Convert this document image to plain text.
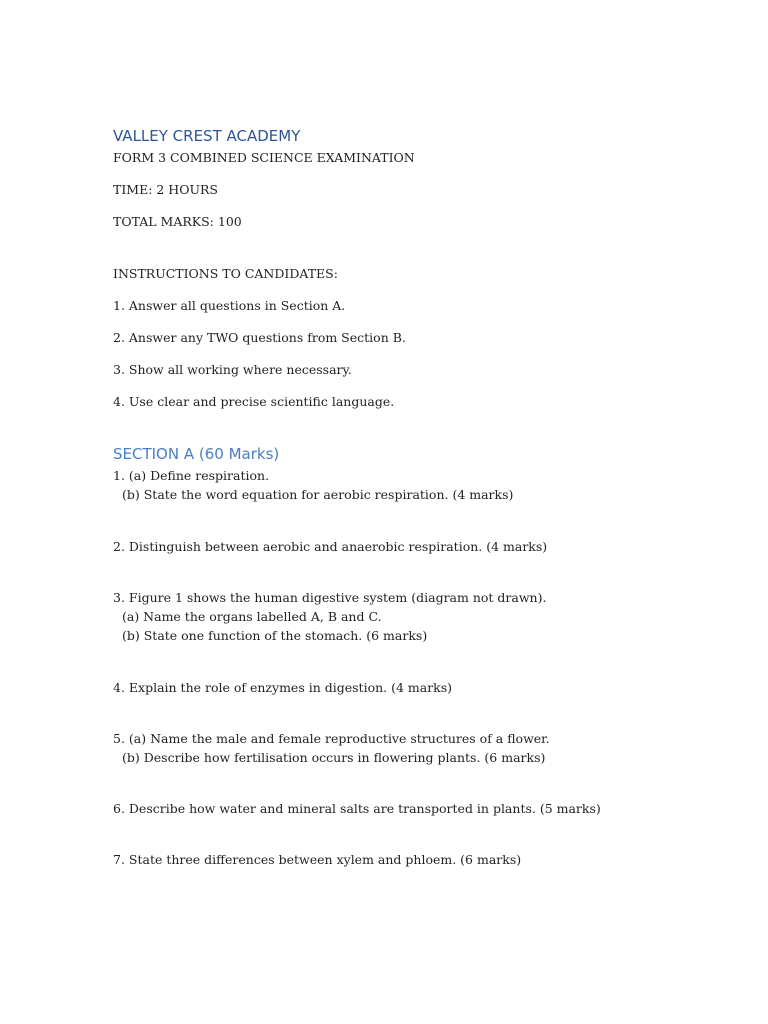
VALLEY CREST ACADEMY
FORM 3 COMBINED SCIENCE EXAMINATION
TIME: 2 HOURS
TOTAL MARKS: 100
INSTRUCTIONS TO CANDIDATES:
1. Answer all questions in Section A.
2. Answer any TWO questions from Section B.
3. Show all working where necessary.
4. Use clear and precise scientific language.
SECTION A (60 Marks)
1. (a) Define respiration.
(b) State the word equation for aerobic respiration. (4 marks)
2. Distinguish between aerobic and anaerobic respiration. (4 marks)
3. Figure 1 shows the human digestive system (diagram not drawn).
(a) Name the organs labelled A, B and C.
(b) State one function of the stomach. (6 marks)
4. Explain the role of enzymes in digestion. (4 marks)
5. (a) Name the male and female reproductive structures of a flower.
(b) Describe how fertilisation occurs in flowering plants. (6 marks)
6. Describe how water and mineral salts are transported in plants. (5 marks)
7. State three differences between xylem and phloem. (6 marks)
